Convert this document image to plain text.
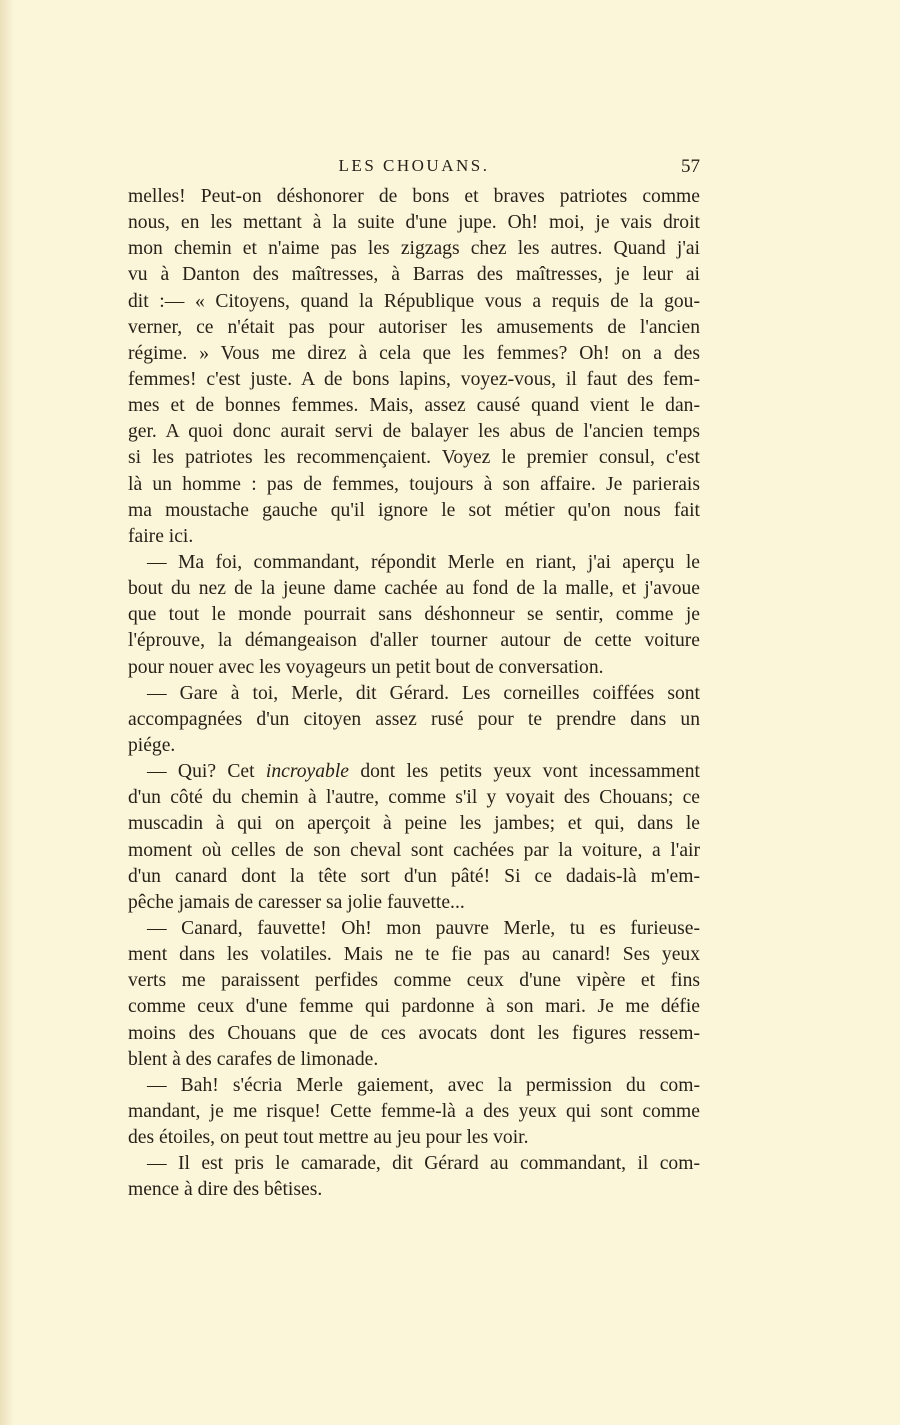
LES CHOUANS.	57
melles! Peut-on déshonorer de bons et braves patriotes comme
nous, en les mettant à la suite d'une jupe. Oh! moi, je vais droit
mon chemin et n'aime pas les zigzags chez les autres. Quand j'ai
vu à Danton des maîtresses, à Barras des maîtresses, je leur ai
dit :— « Citoyens, quand la République vous a requis de la gou-
verner, ce n'était pas pour autoriser les amusements de l'ancien
régime. » Vous me direz à cela que les femmes? Oh! on a des
femmes! c'est juste. A de bons lapins, voyez-vous, il faut des fem-
mes et de bonnes femmes. Mais, assez causé quand vient le dan-
ger. A quoi donc aurait servi de balayer les abus de l'ancien temps
si les patriotes les recommençaient. Voyez le premier consul, c'est
là un homme : pas de femmes, toujours à son affaire. Je parierais
ma moustache gauche qu'il ignore le sot métier qu'on nous fait
faire ici.
— Ma foi, commandant, répondit Merle en riant, j'ai aperçu le
bout du nez de la jeune dame cachée au fond de la malle, et j'avoue
que tout le monde pourrait sans déshonneur se sentir, comme je
l'éprouve, la démangeaison d'aller tourner autour de cette voiture
pour nouer avec les voyageurs un petit bout de conversation.
— Gare à toi, Merle, dit Gérard. Les corneilles coiffées sont
accompagnées d'un citoyen assez rusé pour te prendre dans un
piége.
— Qui? Cet incroyable dont les petits yeux vont incessamment
d'un côté du chemin à l'autre, comme s'il y voyait des Chouans; ce
muscadin à qui on aperçoit à peine les jambes; et qui, dans le
moment où celles de son cheval sont cachées par la voiture, a l'air
d'un canard dont la tête sort d'un pâté! Si ce dadais-là m'em-
pêche jamais de caresser sa jolie fauvette...
— Canard, fauvette! Oh! mon pauvre Merle, tu es furieuse-
ment dans les volatiles. Mais ne te fie pas au canard! Ses yeux
verts me paraissent perfides comme ceux d'une vipère et fins
comme ceux d'une femme qui pardonne à son mari. Je me défie
moins des Chouans que de ces avocats dont les figures ressem-
blent à des carafes de limonade.
— Bah! s'écria Merle gaiement, avec la permission du com-
mandant, je me risque! Cette femme-là a des yeux qui sont comme
des étoiles, on peut tout mettre au jeu pour les voir.
— Il est pris le camarade, dit Gérard au commandant, il com-
mence à dire des bêtises.
